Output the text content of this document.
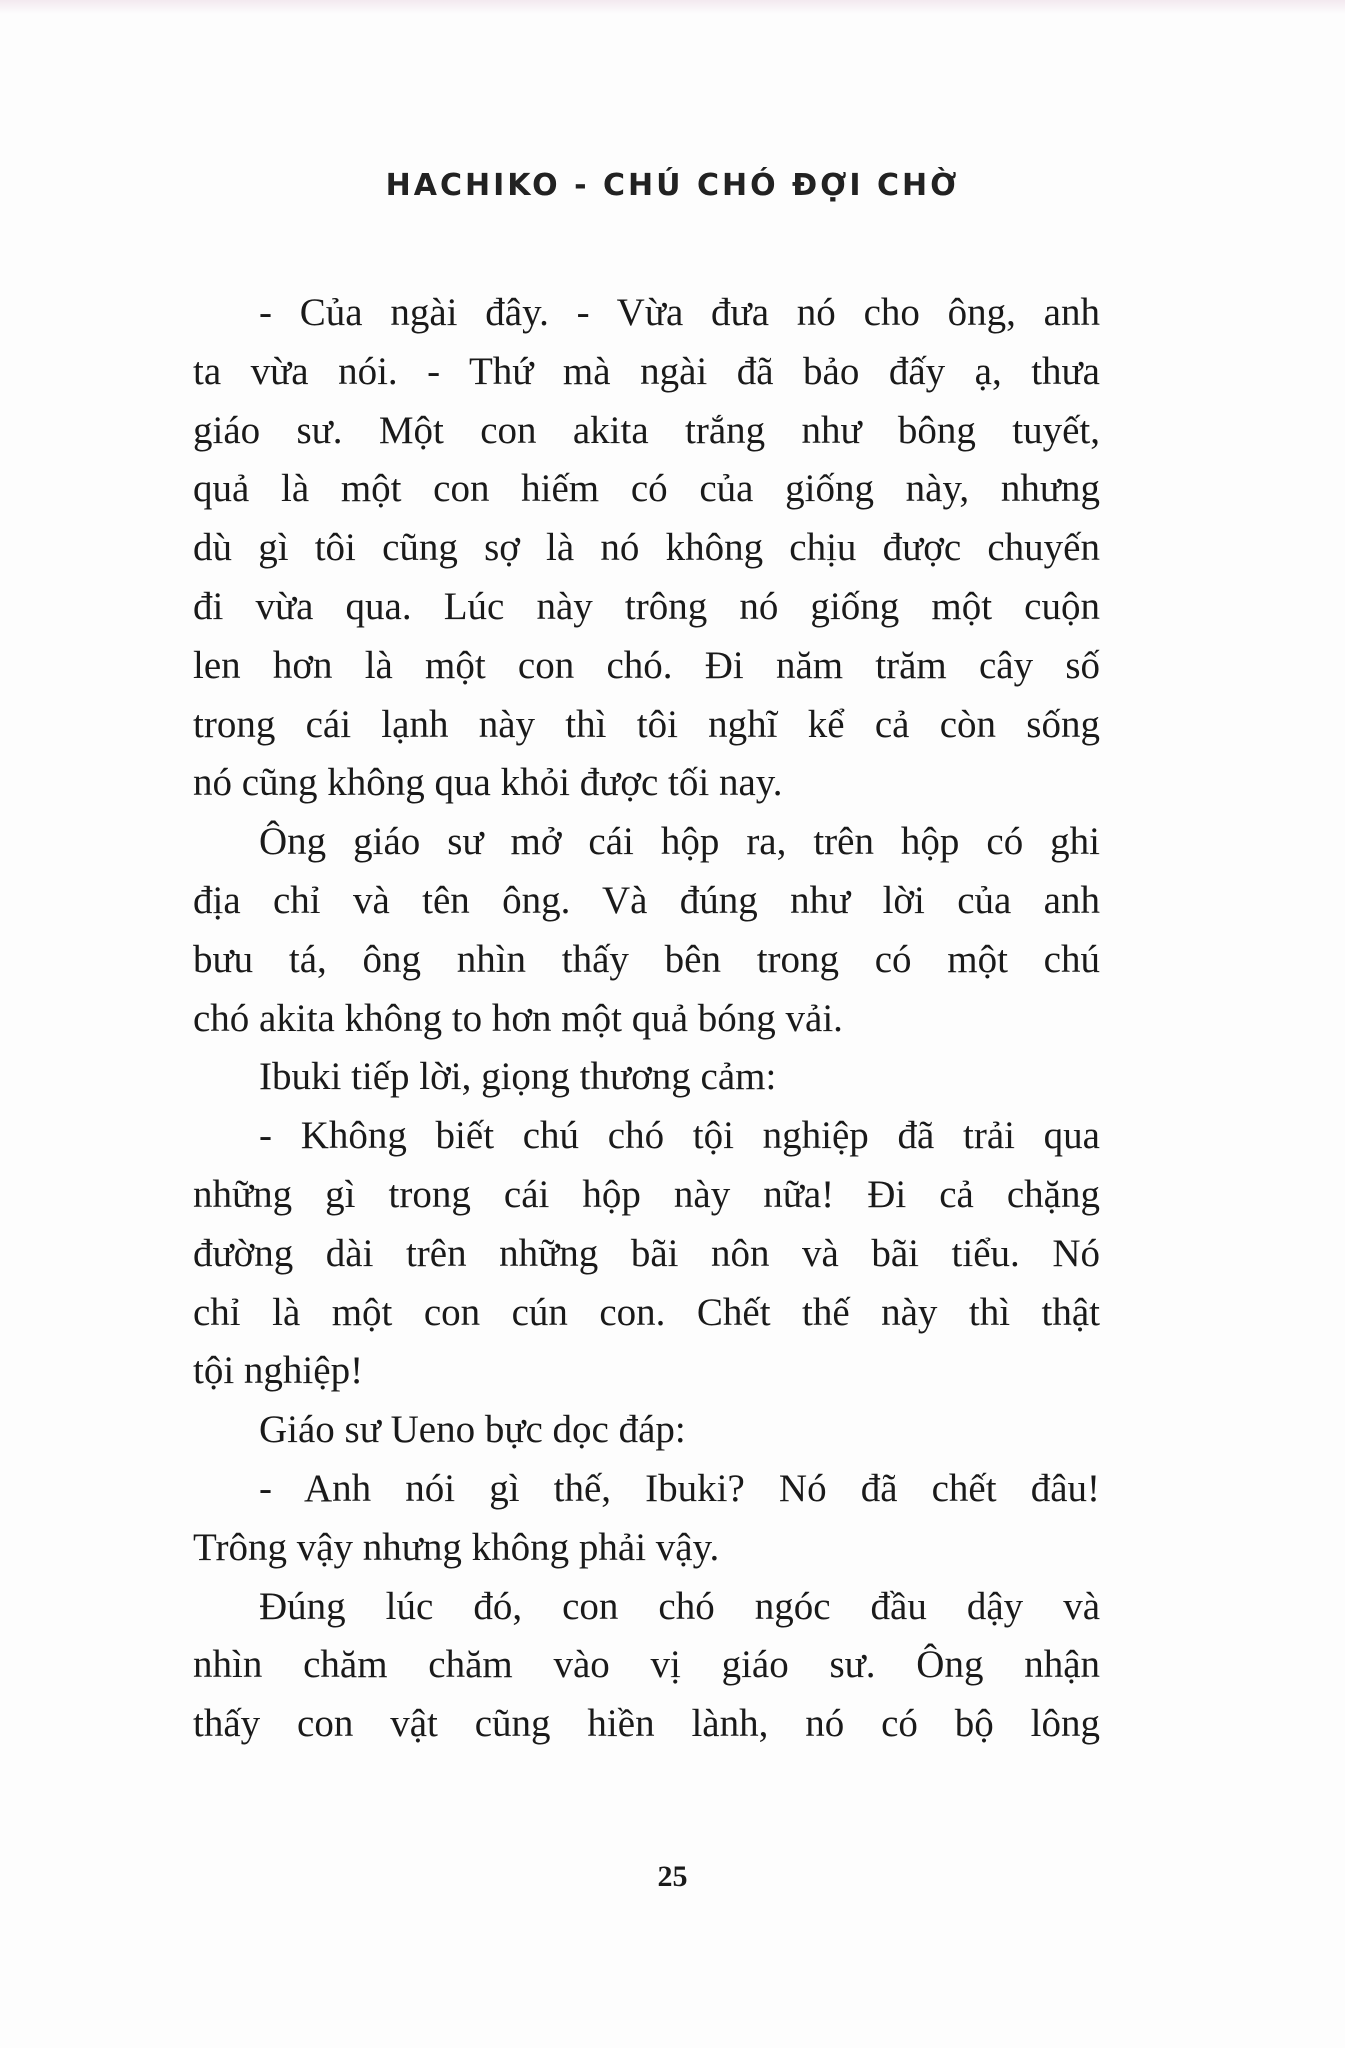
HACHIKO - CHÚ CHÓ ĐỢI CHỜ
- Của ngài đây. - Vừa đưa nó cho ông, anh
ta vừa nói. - Thứ mà ngài đã bảo đấy ạ, thưa
giáo sư. Một con akita trắng như bông tuyết,
quả là một con hiếm có của giống này, nhưng
dù gì tôi cũng sợ là nó không chịu được chuyến
đi vừa qua. Lúc này trông nó giống một cuộn
len hơn là một con chó. Đi năm trăm cây số
trong cái lạnh này thì tôi nghĩ kể cả còn sống
nó cũng không qua khỏi được tối nay.
Ông giáo sư mở cái hộp ra, trên hộp có ghi
địa chỉ và tên ông. Và đúng như lời của anh
bưu tá, ông nhìn thấy bên trong có một chú
chó akita không to hơn một quả bóng vải.
Ibuki tiếp lời, giọng thương cảm:
- Không biết chú chó tội nghiệp đã trải qua
những gì trong cái hộp này nữa! Đi cả chặng
đường dài trên những bãi nôn và bãi tiểu. Nó
chỉ là một con cún con. Chết thế này thì thật
tội nghiệp!
Giáo sư Ueno bực dọc đáp:
- Anh nói gì thế, Ibuki? Nó đã chết đâu!
Trông vậy nhưng không phải vậy.
Đúng lúc đó, con chó ngóc đầu dậy và
nhìn chăm chăm vào vị giáo sư. Ông nhận
thấy con vật cũng hiền lành, nó có bộ lông
25
